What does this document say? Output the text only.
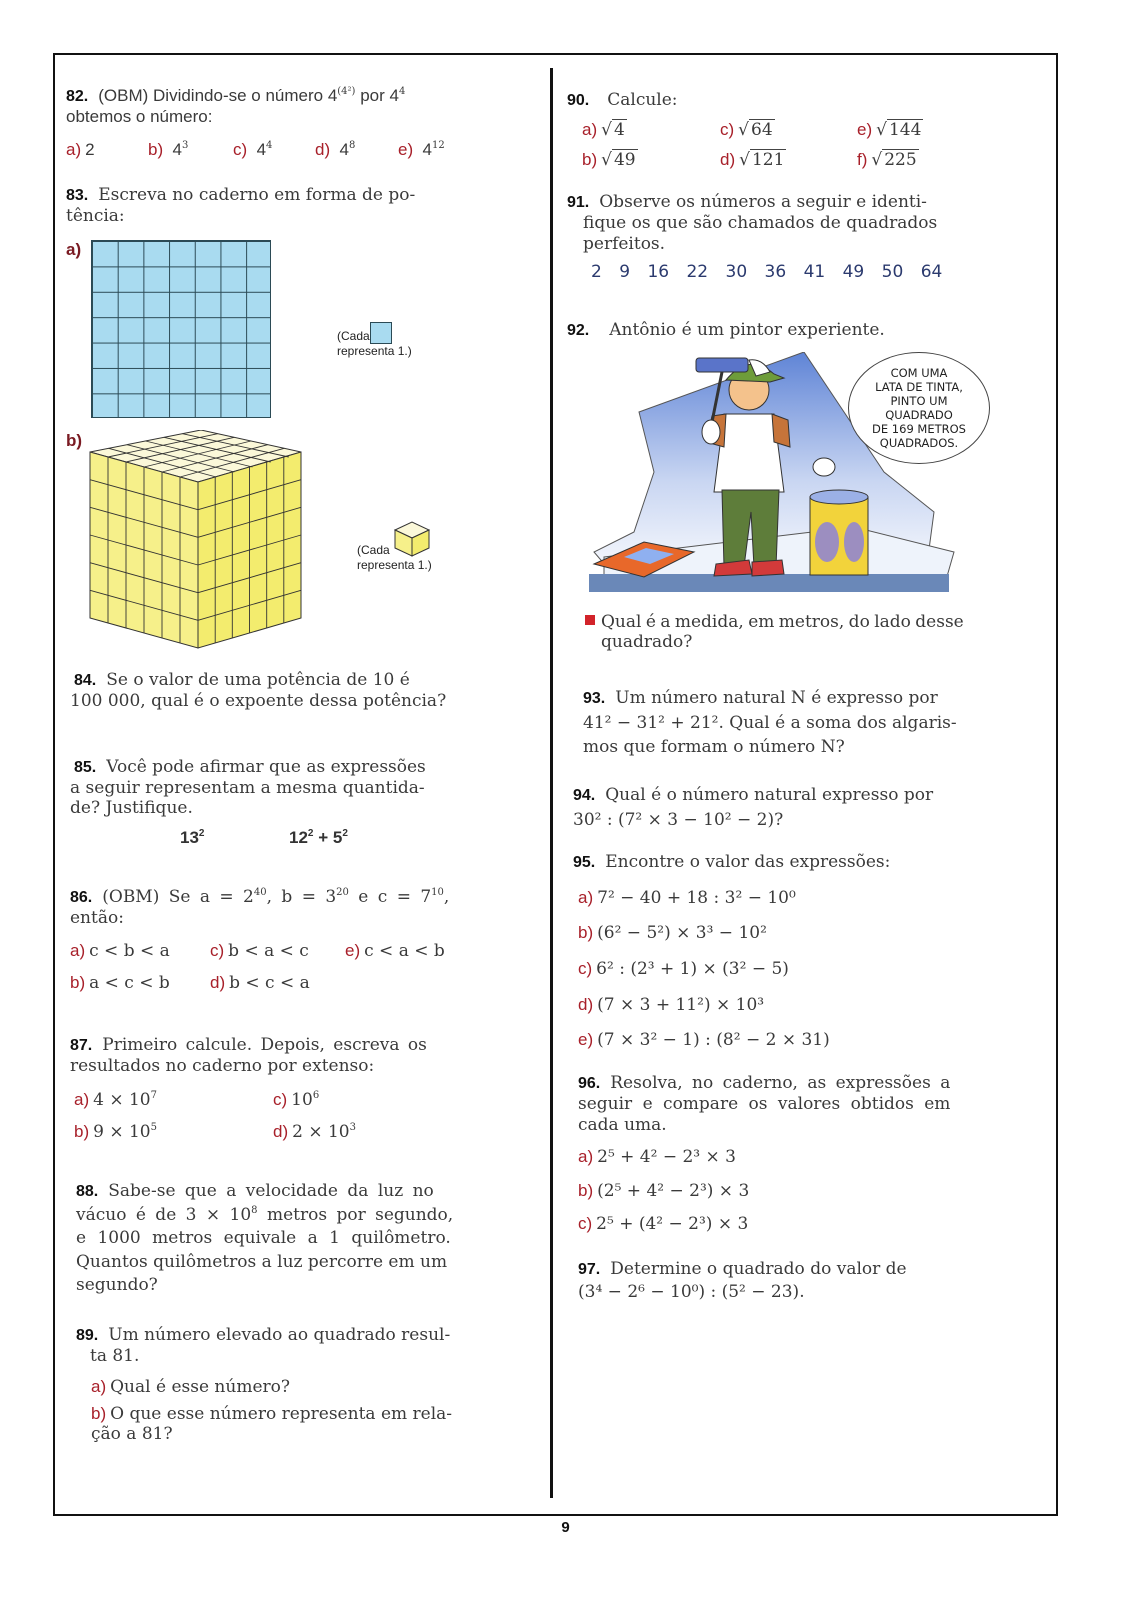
82. (OBM) Dividindo-se o número $4^{(4^2)}$ por $4^4$
obtemos o número:
a) 2	b) $4^3$	c) $4^4$	d) $4^8$	e) $4^{12}$
83. Escreva no caderno em forma de po-
tência:
a)
(Cada
representa 1.)
b)
(Cada
representa 1.)
84. Se o valor de uma potência de 10 é
100 000, qual é o expoente dessa potência?
85. Você pode afirmar que as expressões
a seguir representam a mesma quantida-
de? Justifique.
$13^2$	$12^2 + 5^2$
86. (OBM) Se $a = 2^{40}$, $b = 3^{20}$ e $c = 7^{10}$,
então:
a) c < b < a
b) a < c < b
c) b < a < c
d) b < c < a
e) c < a < b
87. Primeiro calcule. Depois, escreva os
resultados no caderno por extenso:
a) $4 \times 10^7$
b) $9 \times 10^5$
c) $10^6$
d) $2 \times 10^3$
88. Sabe-se que a velocidade da luz no
vácuo é de $3 \times 10^8$ metros por segundo,
e 1000 metros equivale a 1 quilômetro.
Quantos quilômetros a luz percorre em um
segundo?
89. Um número elevado ao quadrado resul-
ta 81.
a) Qual é esse número?
b) O que esse número representa em rela-
ção a 81?
90. Calcule:
a) √ 4
b) √ 49
c) √ 64
d) √ 121
e) √ 144
f) √ 225
91. Observe os números a seguir e identi-
fique os que são chamados de quadrados
perfeitos.
2 9 16 22 30 36 41 49 50 64
92. Antônio é um pintor experiente.
COM UMA
LATA DE TINTA,
PINTO UM
QUADRADO
DE 169 METROS
QUADRADOS.
Qual é a medida, em metros, do lado desse
quadrado?
93. Um número natural N é expresso por
41² − 31² + 21². Qual é a soma dos algaris-
mos que formam o número N?
94. Qual é o número natural expresso por
30² : (7² × 3 − 10² − 2)?
95. Encontre o valor das expressões:
a) 7² − 40 + 18 : 3² − 10⁰
b) (6² − 5²) × 3³ − 10²
c) 6² : (2³ + 1) × (3² − 5)
d) (7 × 3 + 11²) × 10³
e) (7 × 3² − 1) : (8² − 2 × 31)
96. Resolva, no caderno, as expressões a
seguir e compare os valores obtidos em
cada uma.
a) 2⁵ + 4² − 2³ × 3
b) (2⁵ + 4² − 2³) × 3
c) 2⁵ + (4² − 2³) × 3
97. Determine o quadrado do valor de
(3⁴ − 2⁶ − 10⁰) : (5² − 23).
9
